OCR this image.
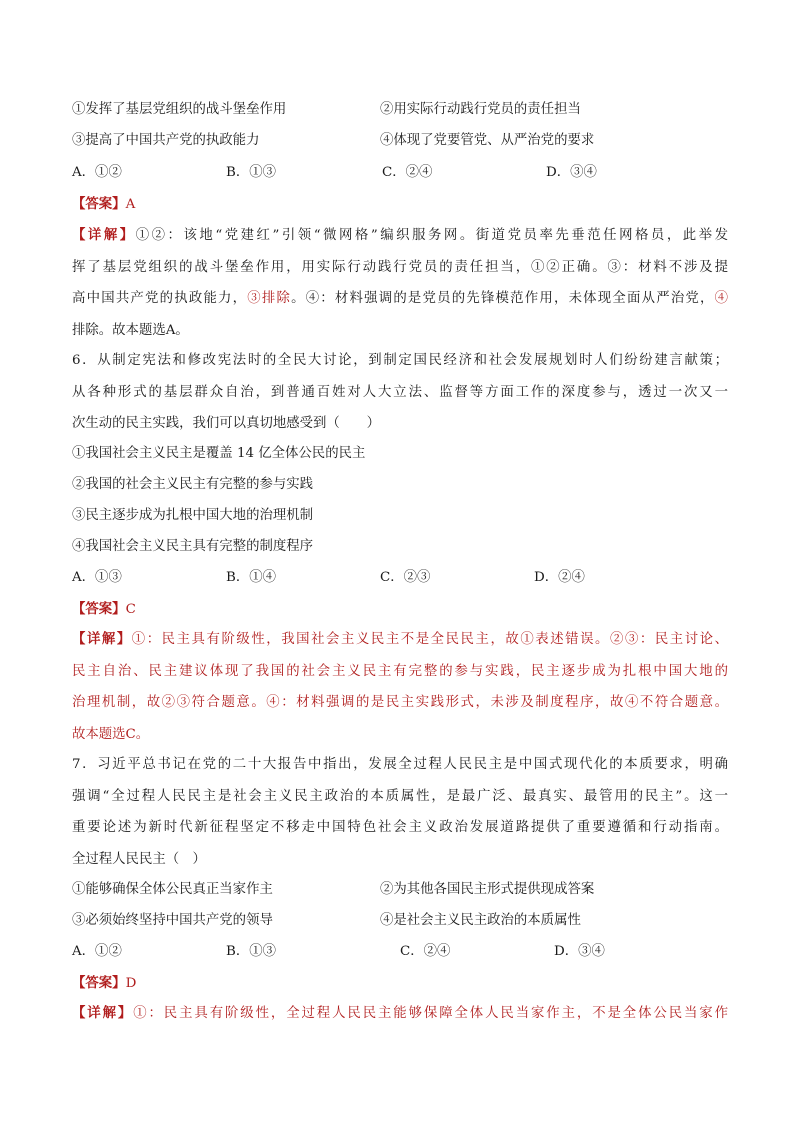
①发挥了基层党组织的战斗堡垒作用	②用实际行动践行党员的责任担当
③提高了中国共产党的执政能力	④体现了党要管党、从严治党的要求
A．①②	B．①③	C．②④	D．③④
【答案】A
【详解】①②：该地“党建红”引领“微网格”编织服务网。街道党员率先垂范任网格员，此举发
挥了基层党组织的战斗堡垒作用，用实际行动践行党员的责任担当，①②正确。③：材料不涉及提
高中国共产党的执政能力，③排除。④：材料强调的是党员的先锋模范作用，未体现全面从严治党，④
排除。故本题选A。
6．从制定宪法和修改宪法时的全民大讨论，到制定国民经济和社会发展规划时人们纷纷建言献策；
从各种形式的基层群众自治，到普通百姓对人大立法、监督等方面工作的深度参与，透过一次又一
次生动的民主实践，我们可以真切地感受到（　　）
①我国社会主义民主是覆盖 14 亿全体公民的民主
②我国的社会主义民主有完整的参与实践
③民主逐步成为扎根中国大地的治理机制
④我国社会主义民主具有完整的制度程序
A．①③	B．①④	C．②③	D．②④
【答案】C
【详解】①：民主具有阶级性，我国社会主义民主不是全民民主，故①表述错误。②③：民主讨论、
民主自治、民主建议体现了我国的社会主义民主有完整的参与实践，民主逐步成为扎根中国大地的
治理机制，故②③符合题意。④：材料强调的是民主实践形式，未涉及制度程序，故④不符合题意。
故本题选C。
7．习近平总书记在党的二十大报告中指出，发展全过程人民民主是中国式现代化的本质要求，明确
强调“全过程人民民主是社会主义民主政治的本质属性，是最广泛、最真实、最管用的民主”。这一
重要论述为新时代新征程坚定不移走中国特色社会主义政治发展道路提供了重要遵循和行动指南。
全过程人民民主（　）
①能够确保全体公民真正当家作主	②为其他各国民主形式提供现成答案
③必须始终坚持中国共产党的领导	④是社会主义民主政治的本质属性
A．①②	B．①③	C．②④	D．③④
【答案】D
【详解】①：民主具有阶级性，全过程人民民主能够保障全体人民当家作主，不是全体公民当家作
